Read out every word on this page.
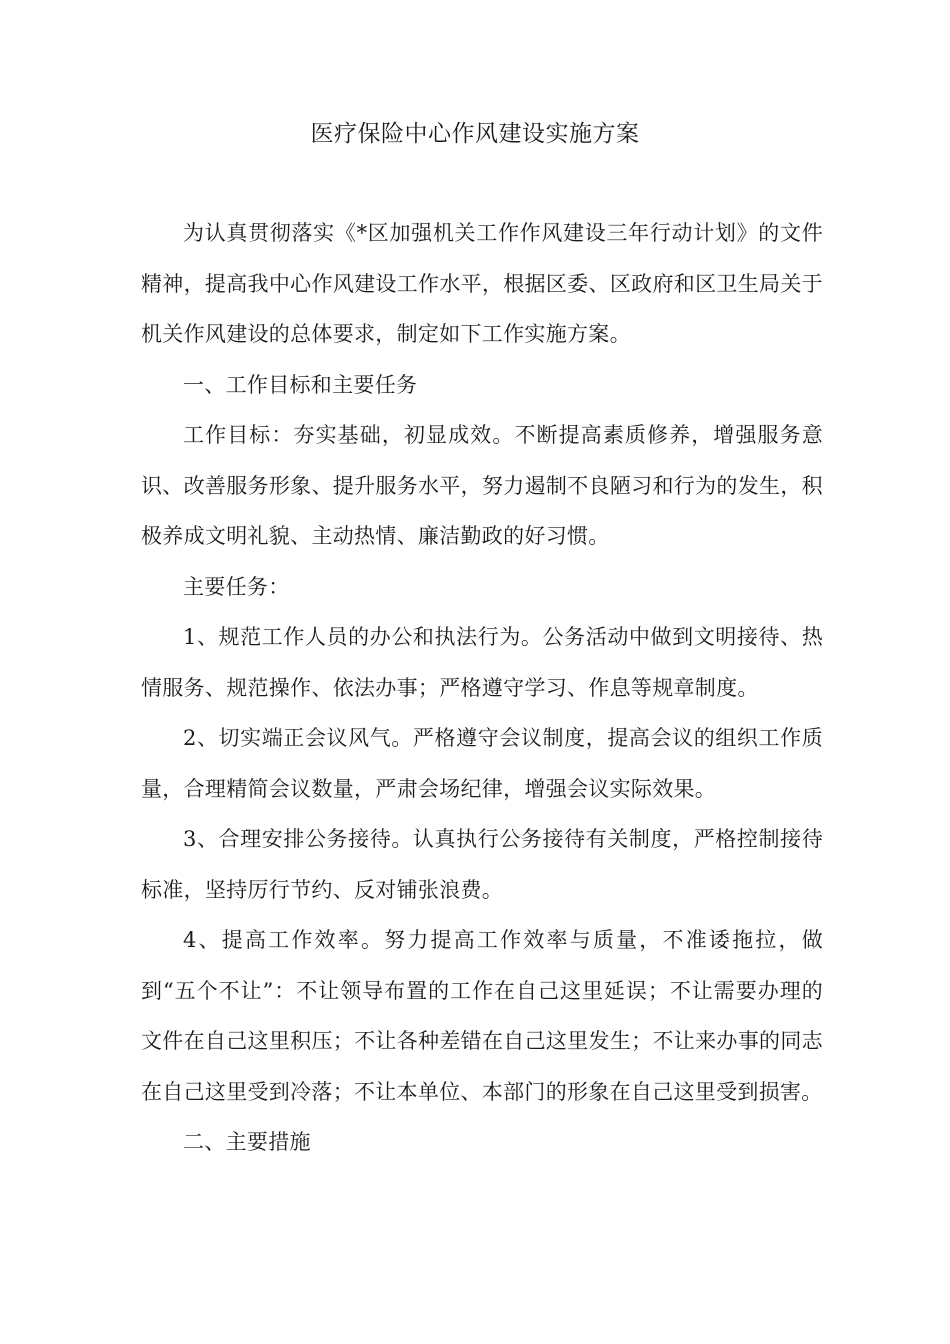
医疗保险中心作风建设实施方案

为认真贯彻落实《*区加强机关工作作风建设三年行动计划》的文件精神，提高我中心作风建设工作水平，根据区委、区政府和区卫生局关于机关作风建设的总体要求，制定如下工作实施方案。

一、工作目标和主要任务

工作目标：夯实基础，初显成效。不断提高素质修养，增强服务意识、改善服务形象、提升服务水平，努力遏制不良陋习和行为的发生，积极养成文明礼貌、主动热情、廉洁勤政的好习惯。

主要任务：

1、规范工作人员的办公和执法行为。公务活动中做到文明接待、热情服务、规范操作、依法办事；严格遵守学习、作息等规章制度。

2、切实端正会议风气。严格遵守会议制度，提高会议的组织工作质量，合理精简会议数量，严肃会场纪律，增强会议实际效果。

3、合理安排公务接待。认真执行公务接待有关制度，严格控制接待标准，坚持厉行节约、反对铺张浪费。

4、提高工作效率。努力提高工作效率与质量，不准诿拖拉，做到“五个不让”：不让领导布置的工作在自己这里延误；不让需要办理的文件在自己这里积压；不让各种差错在自己这里发生；不让来办事的同志在自己这里受到冷落；不让本单位、本部门的形象在自己这里受到损害。

二、主要措施
